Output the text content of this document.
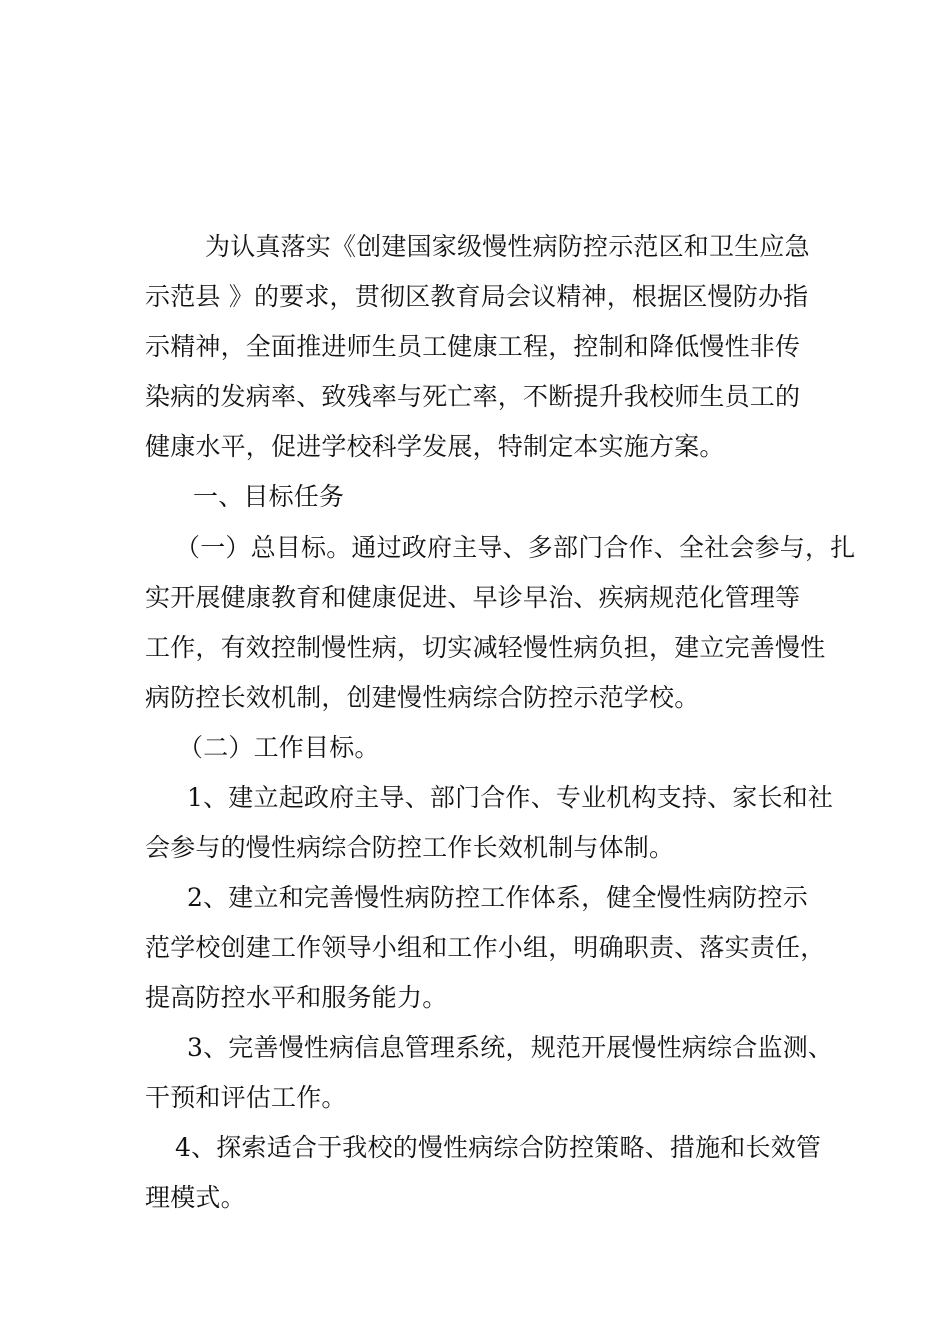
为认真落实《创建国家级慢性病防控示范区和卫生应急
示范县 》的要求，贯彻区教育局会议精神，根据区慢防办指
示精神，全面推进师生员工健康工程，控制和降低慢性非传
染病的发病率、致残率与死亡率，不断提升我校师生员工的
健康水平，促进学校科学发展，特制定本实施方案。
一、目标任务
（一）总目标。通过政府主导、多部门合作、全社会参与，扎
实开展健康教育和健康促进、早诊早治、疾病规范化管理等
工作，有效控制慢性病，切实减轻慢性病负担，建立完善慢性
病防控长效机制，创建慢性病综合防控示范学校。
（二）工作目标。
1、建立起政府主导、部门合作、专业机构支持、家长和社
会参与的慢性病综合防控工作长效机制与体制。
2、建立和完善慢性病防控工作体系，健全慢性病防控示
范学校创建工作领导小组和工作小组，明确职责、落实责任，
提高防控水平和服务能力。
3、完善慢性病信息管理系统，规范开展慢性病综合监测、
干预和评估工作。
4、探索适合于我校的慢性病综合防控策略、措施和长效管
理模式。
